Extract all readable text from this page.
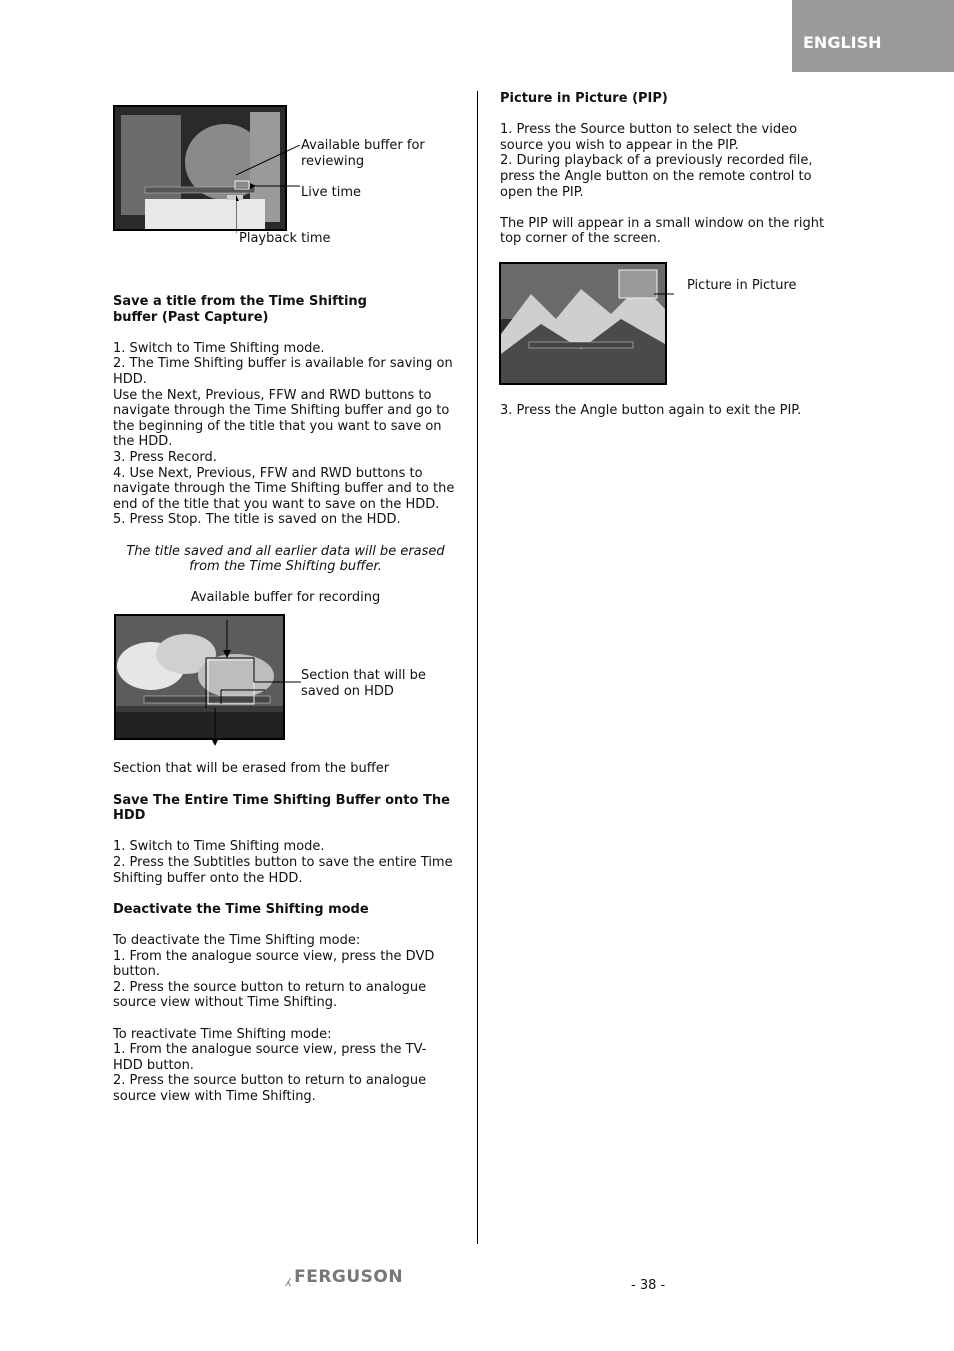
ENGLISH

Available buffer for reviewing

Live time
Playback time

Save a title from the Time Shifting buffer (Past Capture)

1. Switch to Time Shifting mode.

2. The Time Shifting buffer is available for saving on HDD.

Use the Next, Previous, FFW and RWD buttons to navigate through the Time Shifting buffer and go to the beginning of the title that you want to save on the HDD.

3. Press Record.

4. Use Next, Previous, FFW and RWD buttons to navigate through the Time Shifting buffer and to the end of the title that you want to save on the HDD.

5. Press Stop. The title is saved on the HDD.

The title saved and all earlier data will be erased from the Time Shifting buffer.

Available buffer for recording

Section that will be saved on HDD

Section that will be erased from the buffer

Save The Entire Time Shifting Buffer onto The HDD

1. Switch to Time Shifting mode.

2. Press the Subtitles button to save the entire Time Shifting buffer onto the HDD.

Deactivate the Time Shifting mode

To deactivate the Time Shifting mode:

1. From the analogue source view, press the DVD button.

2. Press the source button to return to analogue source view without Time Shifting.

To reactivate Time Shifting mode:

1. From the analogue source view, press the TV-HDD button.

2. Press the source button to return to analogue source view with Time Shifting.

Picture in Picture (PIP)

1. Press the Source button to select the video source you wish to appear in the PIP.

2. During playback of a previously recorded file, press the Angle button on the remote control to open the PIP.

The PIP will appear in a small window on the right top corner of the screen.

Picture in Picture
3. Press the Angle button again to exit the PIP.
⁁ FERGUSON	- 38 -
